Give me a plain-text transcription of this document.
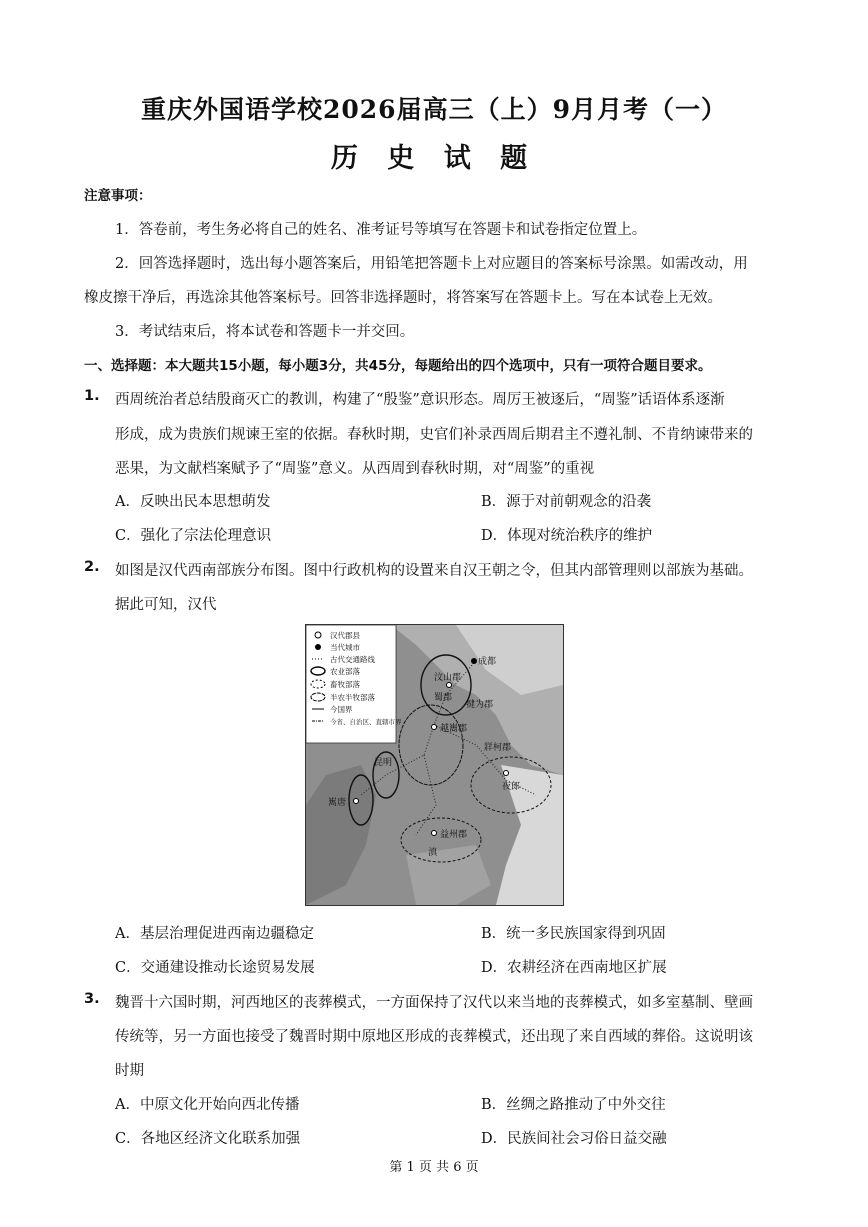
重庆外国语学校2026届高三（上）9月月考（一）
历 史 试 题
注意事项：
1．答卷前，考生务必将自己的姓名、准考证号等填写在答题卡和试卷指定位置上。
2．回答选择题时，选出每小题答案后，用铅笔把答题卡上对应题目的答案标号涂黑。如需改动，用
橡皮擦干净后，再选涂其他答案标号。回答非选择题时，将答案写在答题卡上。写在本试卷上无效。
3．考试结束后，将本试卷和答题卡一并交回。
一、选择题：本大题共15小题，每小题3分，共45分，每题给出的四个选项中，只有一项符合题目要求。
1. 西周统治者总结殷商灭亡的教训，构建了“殷鉴”意识形态。周厉王被逐后，“周鉴”话语体系逐渐
形成，成为贵族们规谏王室的依据。春秋时期，史官们补录西周后期君主不遵礼制、不肯纳谏带来的
恶果，为文献档案赋予了“周鉴”意义。从西周到春秋时期，对“周鉴”的重视
A．反映出民本思想萌发	B．源于对前朝观念的沿袭
C．强化了宗法伦理意识	D．体现对统治秩序的维护
2. 如图是汉代西南部族分布图。图中行政机构的设置来自汉王朝之令，但其内部管理则以部族为基础。
据此可知，汉代
汉代郡县
当代城市
古代交通路线
农业部落
畜牧部落
半农半牧部落
今国界
今省、自治区、直辖市界
成都
汶山郡
蜀郡
犍为郡
越巂郡
牂柯郡
夜郎
滇
益州郡
昆明
嶲唐
A．基层治理促进西南边疆稳定	B．统一多民族国家得到巩固
C．交通建设推动长途贸易发展	D．农耕经济在西南地区扩展
3. 魏晋十六国时期，河西地区的丧葬模式，一方面保持了汉代以来当地的丧葬模式，如多室墓制、壁画
传统等，另一方面也接受了魏晋时期中原地区形成的丧葬模式，还出现了来自西域的葬俗。这说明该
时期
A．中原文化开始向西北传播	B．丝绸之路推动了中外交往
C．各地区经济文化联系加强	D．民族间社会习俗日益交融
第 1 页 共 6 页
